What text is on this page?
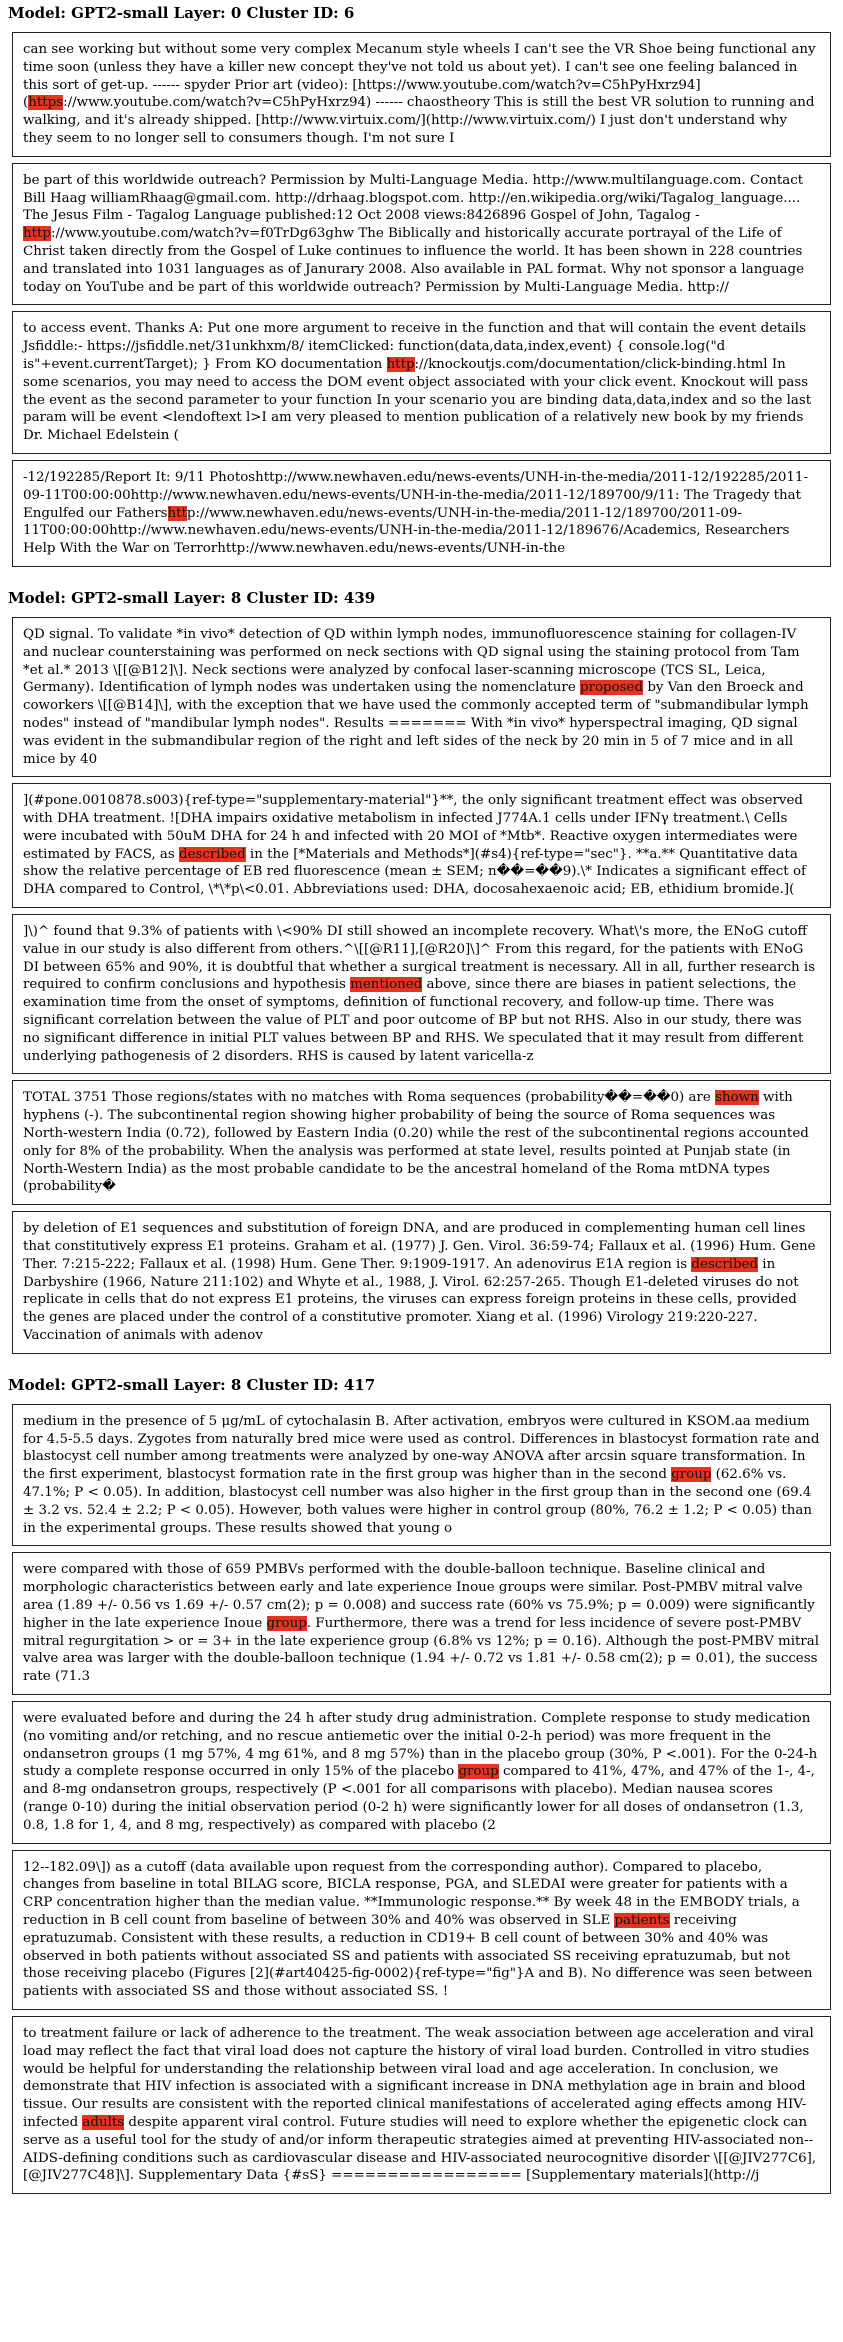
Model: GPT2-small Layer: 0 Cluster ID: 6
can see working but without some very complex Mecanum style wheels I can't see the VR Shoe being functional any time soon (unless they have a killer new concept they've not told us about yet). I can't see one feeling balanced in this sort of get-up. ------ spyder Prior art (video): [https://www.youtube.com/watch?v=C5hPyHxrz94] (https://www.youtube.com/watch?v=C5hPyHxrz94) ------ chaostheory This is still the best VR solution to running and walking, and it's already shipped. [http://www.virtuix.com/](http://www.virtuix.com/) I just don't understand why they seem to no longer sell to consumers though. I'm not sure I
be part of this worldwide outreach? Permission by Multi-Language Media. http://www.multilanguage.com. Contact Bill Haag williamRhaag@gmail.com. http://drhaag.blogspot.com. http://en.wikipedia.org/wiki/Tagalog_language.... The Jesus Film - Tagalog Language published:12 Oct 2008 views:8426896 Gospel of John, Tagalog - http://www.youtube.com/watch?v=f0TrDg63ghw The Biblically and historically accurate portrayal of the Life of Christ taken directly from the Gospel of Luke continues to influence the world. It has been shown in 228 countries and translated into 1031 languages as of Janurary 2008. Also available in PAL format. Why not sponsor a language today on YouTube and be part of this worldwide outreach? Permission by Multi-Language Media. http://
to access event. Thanks A: Put one more argument to receive in the function and that will contain the event details Jsfiddle:- https://jsfiddle.net/31unkhxm/8/ itemClicked: function(data,data,index,event) { console.log("d is"+event.currentTarget); } From KO documentation http://knockoutjs.com/documentation/click-binding.html In some scenarios, you may need to access the DOM event object associated with your click event. Knockout will pass the event as the second parameter to your function In your scenario you are binding data,data,index and so the last param will be event <lendoftext l>I am very pleased to mention publication of a relatively new book by my friends Dr. Michael Edelstein (
-12/192285/Report It: 9/11 Photoshttp://www.newhaven.edu/news-events/UNH-in-the-media/2011-12/192285/2011-09-11T00:00:00http://www.newhaven.edu/news-events/UNH-in-the-media/2011-12/189700/9/11: The Tragedy that Engulfed our Fathershttp://www.newhaven.edu/news-events/UNH-in-the-media/2011-12/189700/2011-09-11T00:00:00http://www.newhaven.edu/news-events/UNH-in-the-media/2011-12/189676/Academics, Researchers Help With the War on Terrorhttp://www.newhaven.edu/news-events/UNH-in-the
Model: GPT2-small Layer: 8 Cluster ID: 439
QD signal. To validate *in vivo* detection of QD within lymph nodes, immunofluorescence staining for collagen-IV and nuclear counterstaining was performed on neck sections with QD signal using the staining protocol from Tam *et al.* 2013 \[[@B12]\]. Neck sections were analyzed by confocal laser-scanning microscope (TCS SL, Leica, Germany). Identification of lymph nodes was undertaken using the nomenclature proposed by Van den Broeck and coworkers \[[@B14]\], with the exception that we have used the commonly accepted term of "submandibular lymph nodes" instead of "mandibular lymph nodes". Results ======= With *in vivo* hyperspectral imaging, QD signal was evident in the submandibular region of the right and left sides of the neck by 20 min in 5 of 7 mice and in all mice by 40
](#pone.0010878.s003){ref-type="supplementary-material"}**, the only significant treatment effect was observed with DHA treatment. ![DHA impairs oxidative metabolism in infected J774A.1 cells under IFNγ treatment.\ Cells were incubated with 50uM DHA for 24 h and infected with 20 MOI of *Mtb*. Reactive oxygen intermediates were estimated by FACS, as described in the [*Materials and Methods*](#s4){ref-type="sec"}. **a.** Quantitative data show the relative percentage of EB red fluorescence (mean ± SEM; n��=��9).\* Indicates a significant effect of DHA compared to Control, \*\*p\<0.01. Abbreviations used: DHA, docosahexaenoic acid; EB, ethidium bromide.](
]\)^ found that 9.3% of patients with \<90% DI still showed an incomplete recovery. What\'s more, the ENoG cutoff value in our study is also different from others.^\[[@R11],[@R20]\]^ From this regard, for the patients with ENoG DI between 65% and 90%, it is doubtful that whether a surgical treatment is necessary. All in all, further research is required to confirm conclusions and hypothesis mentioned above, since there are biases in patient selections, the examination time from the onset of symptoms, definition of functional recovery, and follow-up time. There was significant correlation between the value of PLT and poor outcome of BP but not RHS. Also in our study, there was no significant difference in initial PLT values between BP and RHS. We speculated that it may result from different underlying pathogenesis of 2 disorders. RHS is caused by latent varicella-z
TOTAL 3751 Those regions/states with no matches with Roma sequences (probability��=��0) are shown with hyphens (-). The subcontinental region showing higher probability of being the source of Roma sequences was North-western India (0.72), followed by Eastern India (0.20) while the rest of the subcontinental regions accounted only for 8% of the probability. When the analysis was performed at state level, results pointed at Punjab state (in North-Western India) as the most probable candidate to be the ancestral homeland of the Roma mtDNA types (probability�
by deletion of E1 sequences and substitution of foreign DNA, and are produced in complementing human cell lines that constitutively express E1 proteins. Graham et al. (1977) J. Gen. Virol. 36:59-74; Fallaux et al. (1996) Hum. Gene Ther. 7:215-222; Fallaux et al. (1998) Hum. Gene Ther. 9:1909-1917. An adenovirus E1A region is described in Darbyshire (1966, Nature 211:102) and Whyte et al., 1988, J. Virol. 62:257-265. Though E1-deleted viruses do not replicate in cells that do not express E1 proteins, the viruses can express foreign proteins in these cells, provided the genes are placed under the control of a constitutive promoter. Xiang et al. (1996) Virology 219:220-227. Vaccination of animals with adenov
Model: GPT2-small Layer: 8 Cluster ID: 417
medium in the presence of 5 μg/mL of cytochalasin B. After activation, embryos were cultured in KSOM.aa medium for 4.5-5.5 days. Zygotes from naturally bred mice were used as control. Differences in blastocyst formation rate and blastocyst cell number among treatments were analyzed by one-way ANOVA after arcsin square transformation. In the first experiment, blastocyst formation rate in the first group was higher than in the second group (62.6% vs. 47.1%; P < 0.05). In addition, blastocyst cell number was also higher in the first group than in the second one (69.4 ± 3.2 vs. 52.4 ± 2.2; P < 0.05). However, both values were higher in control group (80%, 76.2 ± 1.2; P < 0.05) than in the experimental groups. These results showed that young o
were compared with those of 659 PMBVs performed with the double-balloon technique. Baseline clinical and morphologic characteristics between early and late experience Inoue groups were similar. Post-PMBV mitral valve area (1.89 +/- 0.56 vs 1.69 +/- 0.57 cm(2); p = 0.008) and success rate (60% vs 75.9%; p = 0.009) were significantly higher in the late experience Inoue group. Furthermore, there was a trend for less incidence of severe post-PMBV mitral regurgitation > or = 3+ in the late experience group (6.8% vs 12%; p = 0.16). Although the post-PMBV mitral valve area was larger with the double-balloon technique (1.94 +/- 0.72 vs 1.81 +/- 0.58 cm(2); p = 0.01), the success rate (71.3
were evaluated before and during the 24 h after study drug administration. Complete response to study medication (no vomiting and/or retching, and no rescue antiemetic over the initial 0-2-h period) was more frequent in the ondansetron groups (1 mg 57%, 4 mg 61%, and 8 mg 57%) than in the placebo group (30%, P <.001). For the 0-24-h study a complete response occurred in only 15% of the placebo group compared to 41%, 47%, and 47% of the 1-, 4-, and 8-mg ondansetron groups, respectively (P <.001 for all comparisons with placebo). Median nausea scores (range 0-10) during the initial observation period (0-2 h) were significantly lower for all doses of ondansetron (1.3, 0.8, 1.8 for 1, 4, and 8 mg, respectively) as compared with placebo (2
12--182.09\]) as a cutoff (data available upon request from the corresponding author). Compared to placebo, changes from baseline in total BILAG score, BICLA response, PGA, and SLEDAI were greater for patients with a CRP concentration higher than the median value. **Immunologic response.** By week 48 in the EMBODY trials, a reduction in B cell count from baseline of between 30% and 40% was observed in SLE patients receiving epratuzumab. Consistent with these results, a reduction in CD19+ B cell count of between 30% and 40% was observed in both patients without associated SS and patients with associated SS receiving epratuzumab, but not those receiving placebo (Figures [2](#art40425-fig-0002){ref-type="fig"}A and B). No difference was seen between patients with associated SS and those without associated SS. !
to treatment failure or lack of adherence to the treatment. The weak association between age acceleration and viral load may reflect the fact that viral load does not capture the history of viral load burden. Controlled in vitro studies would be helpful for understanding the relationship between viral load and age acceleration. In conclusion, we demonstrate that HIV infection is associated with a significant increase in DNA methylation age in brain and blood tissue. Our results are consistent with the reported clinical manifestations of accelerated aging effects among HIV-infected adults despite apparent viral control. Future studies will need to explore whether the epigenetic clock can serve as a useful tool for the study of and/or inform therapeutic strategies aimed at preventing HIV-associated non--AIDS-defining conditions such as cardiovascular disease and HIV-associated neurocognitive disorder \[[@JIV277C6], [@JIV277C48]\]. Supplementary Data {#sS} ================= [Supplementary materials](http://j
